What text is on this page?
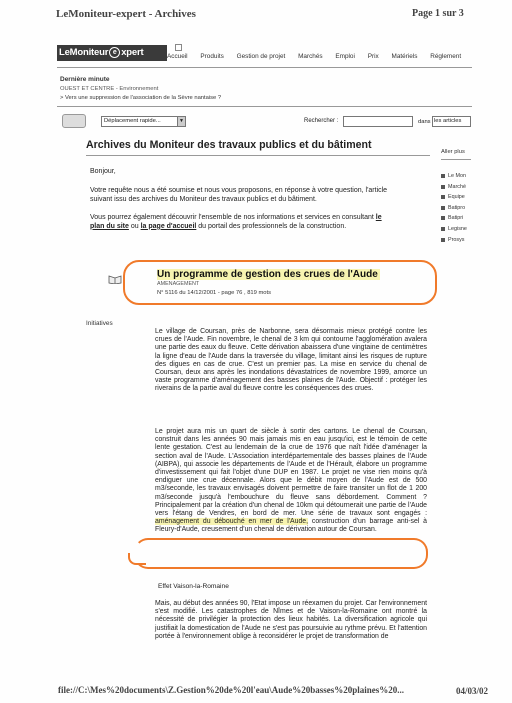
LeMoniteur-expert - Archives	Page 1 sur 3
LeMoniteur e xpert	Accueil Produits Gestion de projet Marchés Emploi Prix Matériels Réglement
Dernière minute
OUEST ET CENTRE - Environnement
> Vers une suppression de l'association de la Sèvre nantaise ?
Déplacement rapide...	▼	Rechercher :	dans les articles
Archives du Moniteur des travaux publics et du bâtiment
Aller plus
Le Mon
Marché
Equipe
Batipro
Batipri
Legisne
Prosys
Bonjour,
Votre requête nous a été soumise et nous vous proposons, en réponse à votre question, l'article suivant issu des archives du Moniteur des travaux publics et du bâtiment.
Vous pourrez également découvrir l'ensemble de nos informations et services en consultant le plan du site ou la page d'accueil du portail des professionnels de la construction.
Un programme de gestion des crues de l'Aude
AMENAGEMENT
N° 5116 du 14/12/2001 - page 76 , 819 mots
Initiatives
Le village de Coursan, près de Narbonne, sera désormais mieux protégé contre les crues de l'Aude. Fin novembre, le chenal de 3 km qui contourne l'agglomération avalera une partie des eaux du fleuve. Cette dérivation abaissera d'une vingtaine de centimètres la ligne d'eau de l'Aude dans la traversée du village, limitant ainsi les risques de rupture des digues en cas de crue. C'est un premier pas. La mise en service du chenal de Coursan, deux ans après les inondations dévastatrices de novembre 1999, amorce un vaste programme d'aménagement des basses plaines de l'Aude. Objectif : protéger les riverains de la partie aval du fleuve contre les conséquences des crues.
Le projet aura mis un quart de siècle à sortir des cartons. Le chenal de Coursan, construit dans les années 90 mais jamais mis en eau jusqu'ici, est le témoin de cette lente gestation. C'est au lendemain de la crue de 1976 que naît l'idée d'aménager la section aval de l'Aude. L'Association interdépartementale des basses plaines de l'Aude (AIBPA), qui associe les départements de l'Aude et de l'Hérault, élabore un programme d'investissement qui fait l'objet d'une DUP en 1987. Le projet ne vise rien moins qu'à endiguer une crue décennale. Alors que le débit moyen de l'Aude est de 500 m3/seconde, les travaux envisagés doivent permettre de faire transiter un flot de 1 200 m3/seconde jusqu'à l'embouchure du fleuve sans débordement. Comment ? Principalement par la création d'un chenal de 10km qui détournerait une partie de l'Aude vers l'étang de Vendres, en bord de mer. Une série de travaux sont engagés : aménagement du débouché en mer de l'Aude, construction d'un barrage anti-sel à Fleury-d'Aude, creusement d'un chenal de dérivation autour de Coursan.
Effet Vaison-la-Romaine
Mais, au début des années 90, l'Etat impose un réexamen du projet. Car l'environnement s'est modifié. Les catastrophes de Nîmes et de Vaison-la-Romaine ont montré la nécessité de privilégier la protection des lieux habités. La diversification agricole qui justifiait la domestication de l'Aude ne s'est pas poursuivie au rythme prévu. Et l'attention portée à l'environnement oblige à reconsidérer le projet de transformation de
file://C:\Mes%20documents\Z.Gestion%20de%20l'eau\Aude%20basses%20plaines%20...	04/03/02
